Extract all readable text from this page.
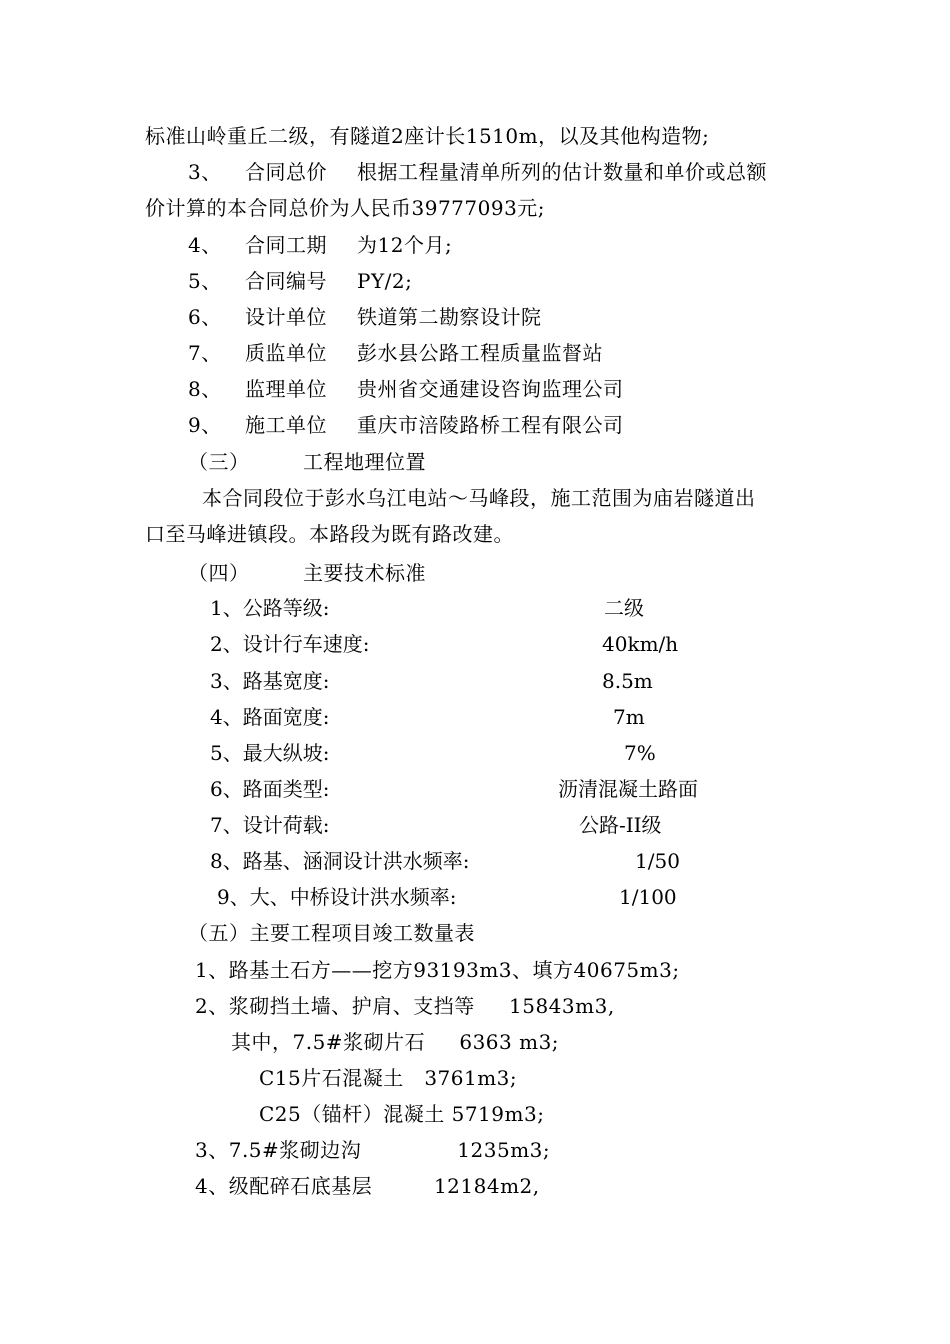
标准山岭重丘二级，有隧道2座计长1510m，以及其他构造物;
3、 合同总价 根据工程量清单所列的估计数量和单价或总额
价计算的本合同总价为人民币39777093元;
4、 合同工期 为12个月;
5、 合同编号 PY/2;
6、 设计单位 铁道第二勘察设计院
7、 质监单位 彭水县公路工程质量监督站
8、 监理单位 贵州省交通建设咨询监理公司
9、 施工单位 重庆市涪陵路桥工程有限公司
（三）	工程地理位置
本合同段位于彭水乌江电站～马峰段，施工范围为庙岩隧道出
口至马峰进镇段。本路段为既有路改建。
（四）	主要技术标准
1、公路等级:	二级
2、设计行车速度:	40km/h
3、路基宽度:	8.5m
4、路面宽度:	7m
5、最大纵坡:	7%
6、路面类型:	沥清混凝土路面
7、设计荷载:	公路-II级
8、路基、涵洞设计洪水频率:	1/50
9、大、中桥设计洪水频率:	1/100
（五）主要工程项目竣工数量表
1、路基土石方——挖方93193m3、填方40675m3;
2、浆砌挡土墙、护肩、支挡等     15843m3,
其中，7.5#浆砌片石     6363 m3;
C15片石混凝土   3761m3;
C25（锚杆）混凝土 5719m3;
3、7.5#浆砌边沟              1235m3;
4、级配碎石底基层         12184m2,
